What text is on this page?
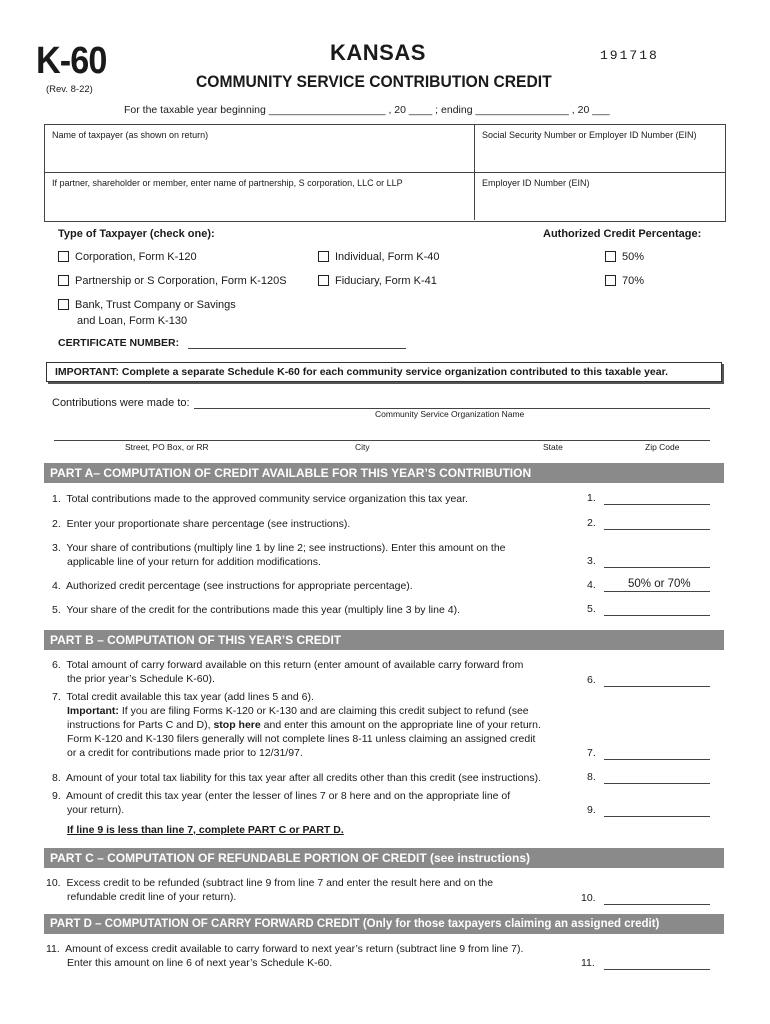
K-60
(Rev. 8-22)
KANSAS
COMMUNITY SERVICE CONTRIBUTION CREDIT
191718
For the taxable year beginning ____________________ , 20 ____ ; ending ________________ , 20 ___
Name of taxpayer (as shown on return)	Social Security Number or Employer ID Number (EIN)
If partner, shareholder or member, enter name of partnership, S corporation, LLC or LLP	Employer ID Number (EIN)
Type of Taxpayer (check one):	Authorized Credit Percentage:
Corporation, Form K-120	Individual, Form K-40	50%
Partnership or S Corporation, Form K-120S	Fiduciary, Form K-41	70%
Bank, Trust Company or Savings
and Loan, Form K-130
CERTIFICATE NUMBER:
IMPORTANT: Complete a separate Schedule K-60 for each community service organization contributed to this taxable year.
Contributions were made to:
Community Service Organization Name
Street, PO Box, or RR	City	State	Zip Code
PART A– COMPUTATION OF CREDIT AVAILABLE FOR THIS YEAR’S CONTRIBUTION
1. Total contributions made to the approved community service organization this tax year.	1.
2. Enter your proportionate share percentage (see instructions).	2.
3. Your share of contributions (multiply line 1 by line 2; see instructions). Enter this amount on the
applicable line of your return for addition modifications.	3.
4. Authorized credit percentage (see instructions for appropriate percentage).	4.	50% or 70%
5. Your share of the credit for the contributions made this year (multiply line 3 by line 4).	5.
PART B – COMPUTATION OF THIS YEAR’S CREDIT
6.  Total amount of carry forward available on this return (enter amount of available carry forward from
the prior year’s Schedule K-60).	6.
7.  Total credit available this tax year (add lines 5 and 6).
Important: If you are filing Forms K-120 or K-130 and are claiming this credit subject to refund (see
instructions for Parts C and D), stop here and enter this amount on the appropriate line of your return.
Form K-120 and K-130 filers generally will not complete lines 8-11 unless claiming an assigned credit
or a credit for contributions made prior to 12/31/97.	7.
8.  Amount of your total tax liability for this tax year after all credits other than this credit (see instructions).	8.
9.  Amount of credit this tax year (enter the lesser of lines 7 or 8 here and on the appropriate line of
your return).	9.
If line 9 is less than line 7, complete PART C or PART D.
PART C – COMPUTATION OF REFUNDABLE PORTION OF CREDIT (see instructions)
10.  Excess credit to be refunded (subtract line 9 from line 7 and enter the result here and on the
refundable credit line of your return).	10.
PART D – COMPUTATION OF CARRY FORWARD CREDIT (Only for those taxpayers claiming an assigned credit)
11.  Amount of excess credit available to carry forward to next year’s return (subtract line 9 from line 7).
Enter this amount on line 6 of next year’s Schedule K-60.	11.
